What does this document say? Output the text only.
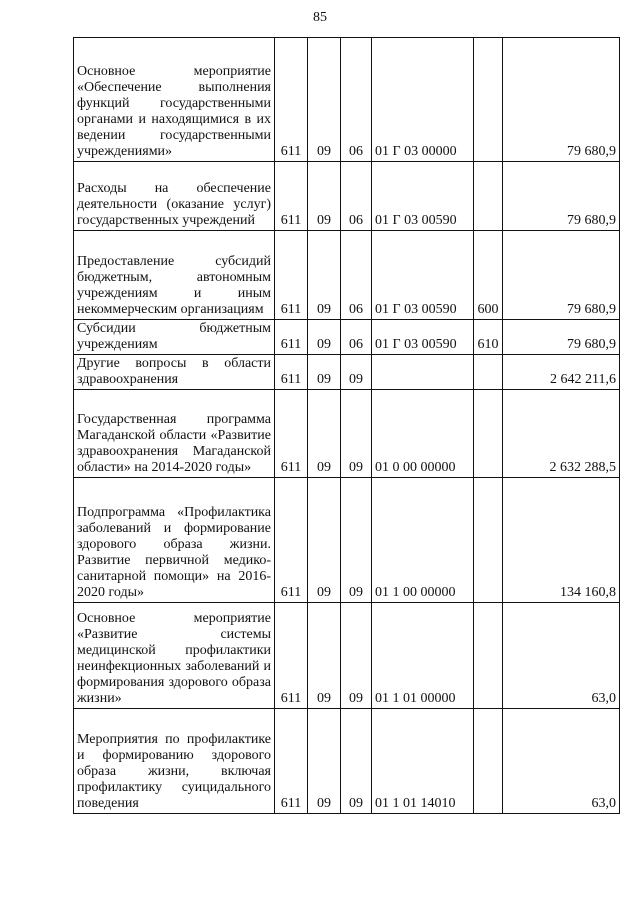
85
Основное мероприятие «Обеспечение выполнения функций государственными органами и находящимися в их ведении государственными учреждениями»	611	09	06	01 Г 03 00000		79 680,9
Расходы на обеспечение деятельности (оказание услуг) государственных учреждений	611	09	06	01 Г 03 00590		79 680,9
Предоставление субсидий бюджетным, автономным учреждениям и иным некоммерческим организациям	611	09	06	01 Г 03 00590	600	79 680,9
Субсидии бюджетным учреждениям	611	09	06	01 Г 03 00590	610	79 680,9
Другие вопросы в области здравоохранения	611	09	09			2 642 211,6
Государственная программа Магаданской области «Развитие здравоохранения Магаданской области» на 2014-2020 годы»	611	09	09	01 0 00 00000		2 632 288,5
Подпрограмма «Профилактика заболеваний и формирование здорового образа жизни. Развитие первичной медико-санитарной помощи» на 2016-2020 годы»	611	09	09	01 1 00 00000		134 160,8
Основное мероприятие «Развитие системы медицинской профилактики неинфекционных заболеваний и формирования здорового образа жизни»	611	09	09	01 1 01 00000		63,0
Мероприятия по профилактике и формированию здорового образа жизни, включая профилактику суицидального поведения	611	09	09	01 1 01 14010		63,0
